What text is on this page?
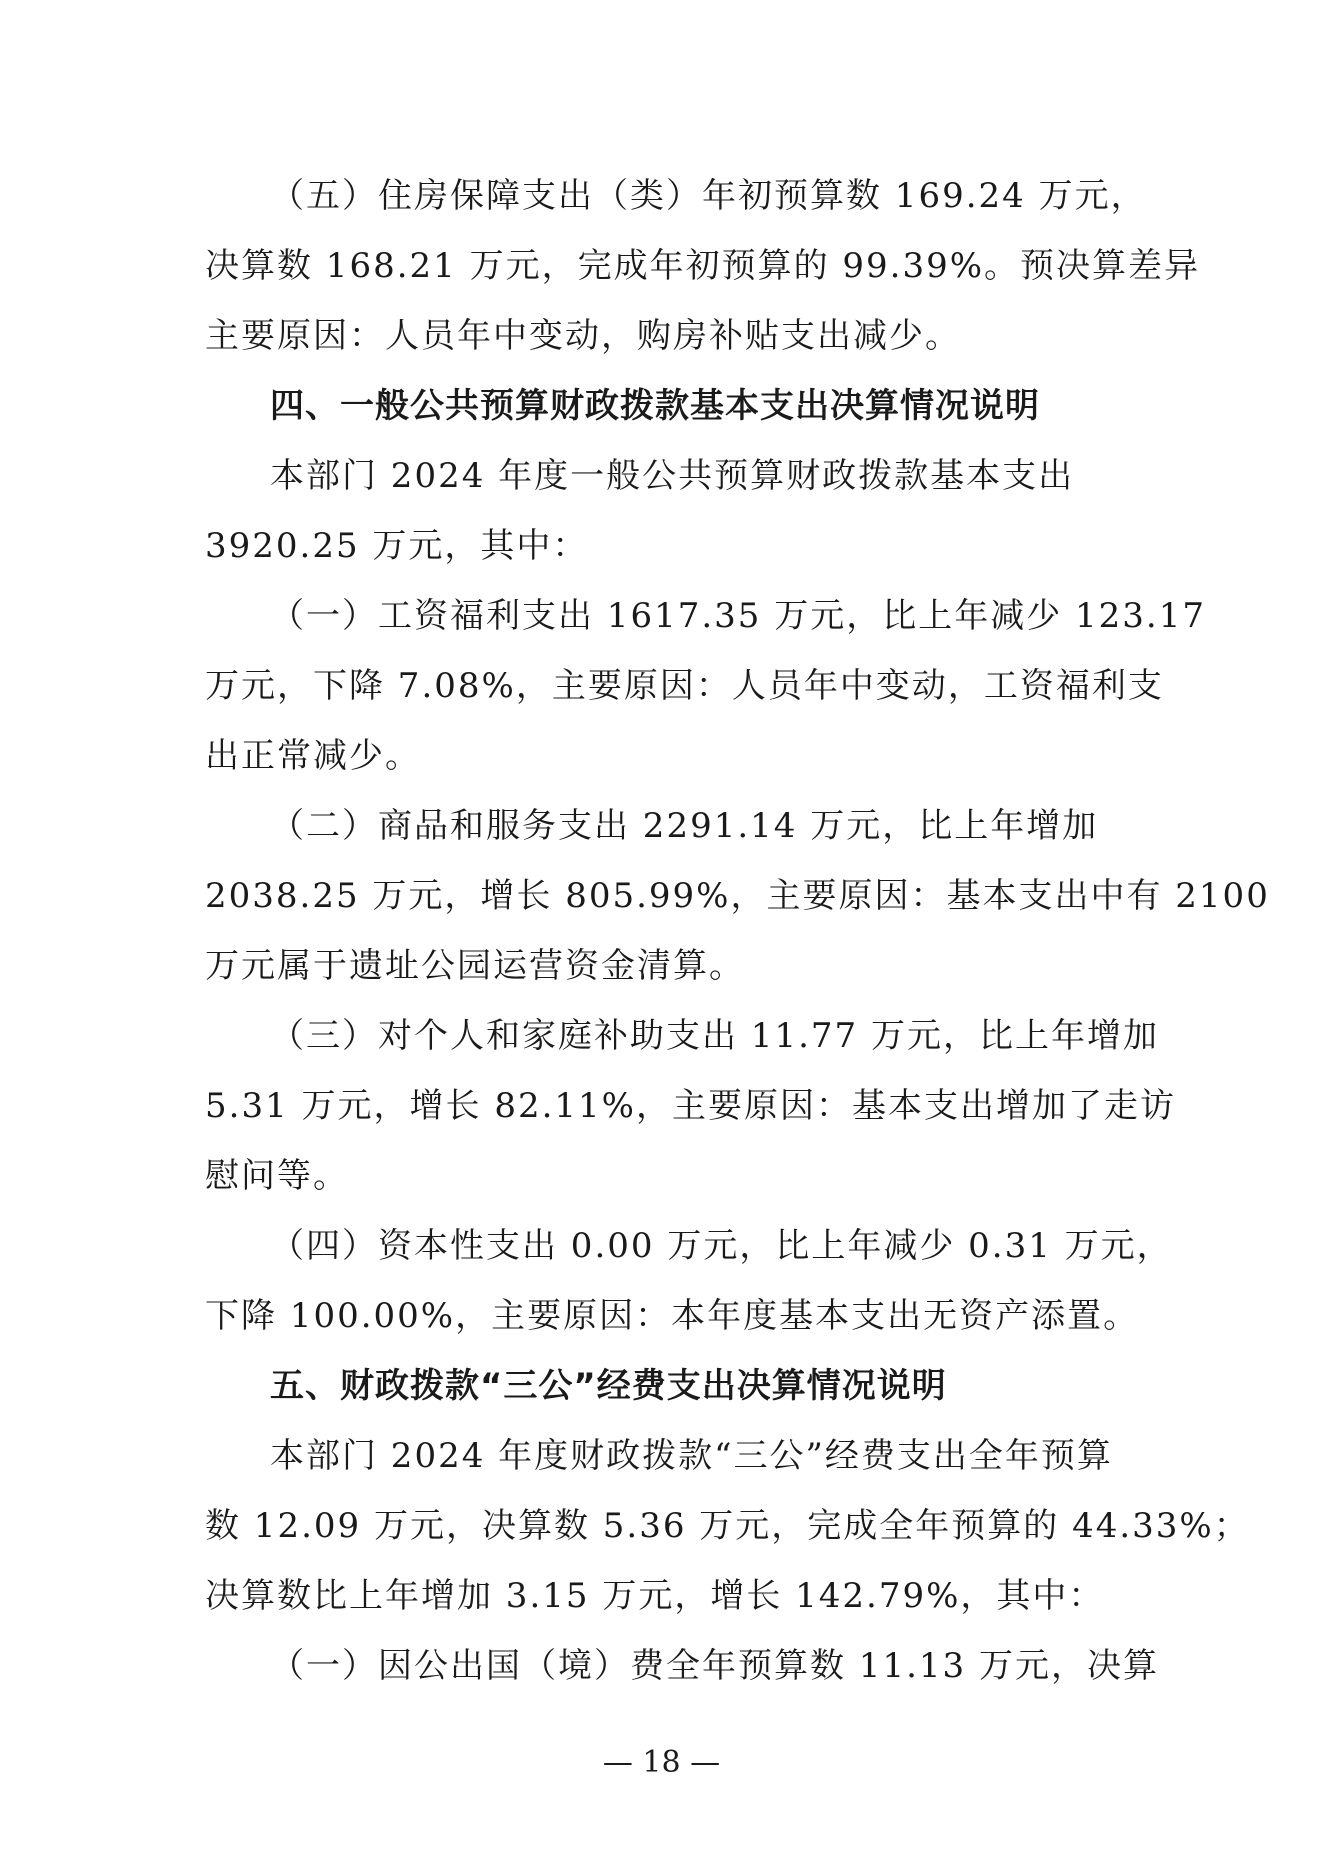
（五）住房保障支出（类）年初预算数 169.24 万元，
决算数 168.21 万元，完成年初预算的 99.39%。预决算差异
主要原因：人员年中变动，购房补贴支出减少。
四、一般公共预算财政拨款基本支出决算情况说明
本部门 2024 年度一般公共预算财政拨款基本支出
3920.25 万元，其中：
（一）工资福利支出 1617.35 万元，比上年减少 123.17
万元，下降 7.08%，主要原因：人员年中变动，工资福利支
出正常减少。
（二）商品和服务支出 2291.14 万元，比上年增加
2038.25 万元，增长 805.99%，主要原因：基本支出中有 2100
万元属于遗址公园运营资金清算。
（三）对个人和家庭补助支出 11.77 万元，比上年增加
5.31 万元，增长 82.11%，主要原因：基本支出增加了走访
慰问等。
（四）资本性支出 0.00 万元，比上年减少 0.31 万元，
下降 100.00%，主要原因：本年度基本支出无资产添置。
五、财政拨款“三公”经费支出决算情况说明
本部门 2024 年度财政拨款“三公”经费支出全年预算
数 12.09 万元，决算数 5.36 万元，完成全年预算的 44.33%；
决算数比上年增加 3.15 万元，增长 142.79%，其中：
（一）因公出国（境）费全年预算数 11.13 万元，决算
— 18 —
